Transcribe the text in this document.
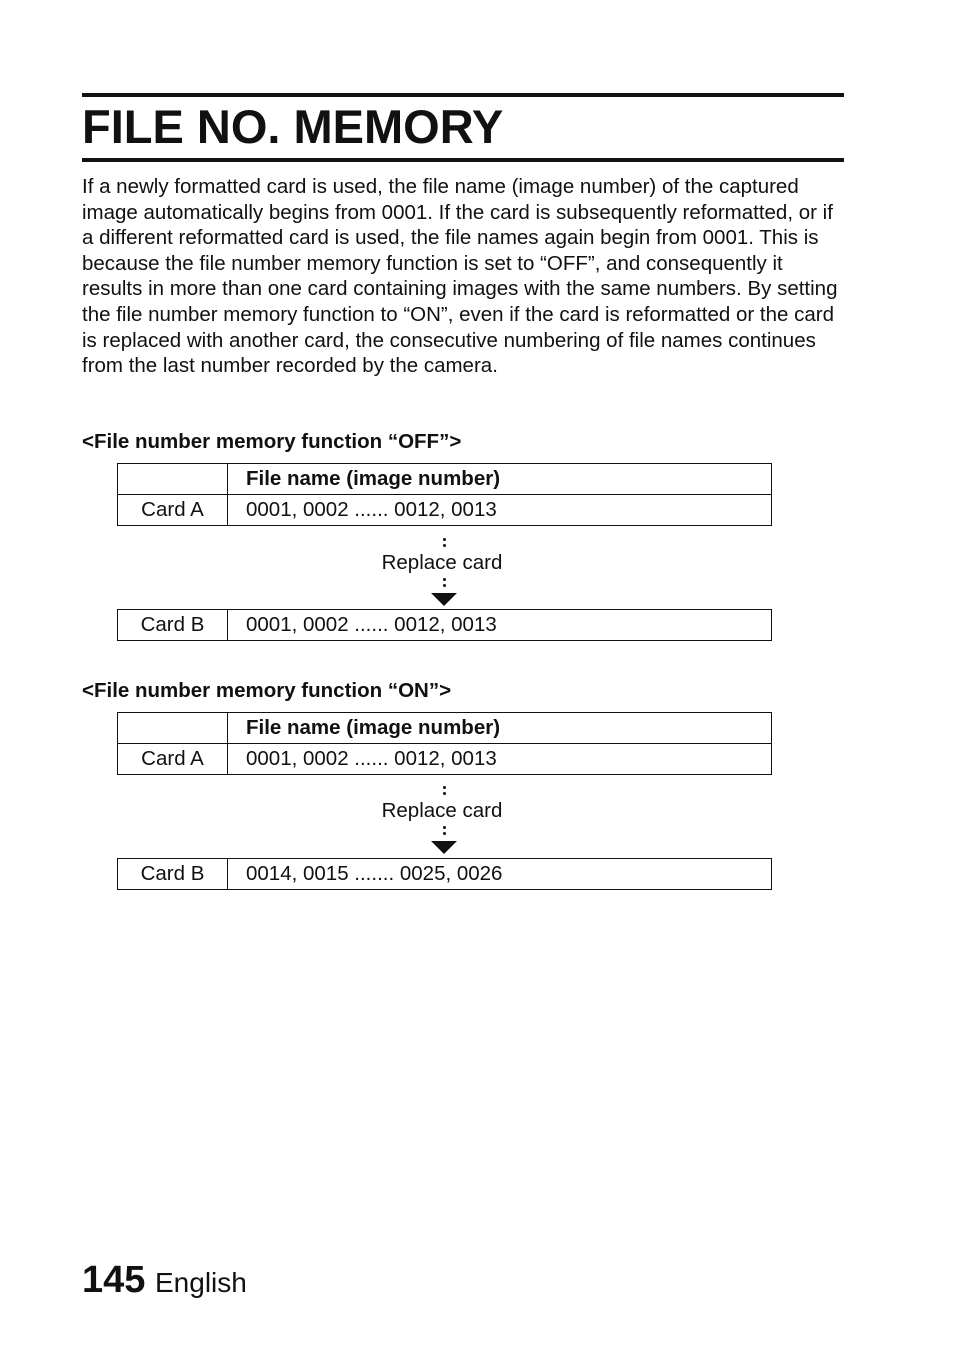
FILE NO. MEMORY

If a newly formatted card is used, the file name (image number) of the captured image automatically begins from 0001. If the card is subsequently reformatted, or if a different reformatted card is used, the file names again begin from 0001. This is because the file number memory function is set to “OFF”, and consequently it results in more than one card containing images with the same numbers. By setting the file number memory function to “ON”, even if the card is reformatted or the card is replaced with another card, the consecutive numbering of file names continues from the last number recorded by the camera.

<File number memory function “OFF”>
	File name (image number)
Card A	0001, 0002 ...... 0012, 0013
Replace card
Card B	0001, 0002 ...... 0012, 0013
<File number memory function “ON”>
	File name (image number)
Card A	0001, 0002 ...... 0012, 0013
Replace card
Card B	0014, 0015 ....... 0025, 0026
145 English
